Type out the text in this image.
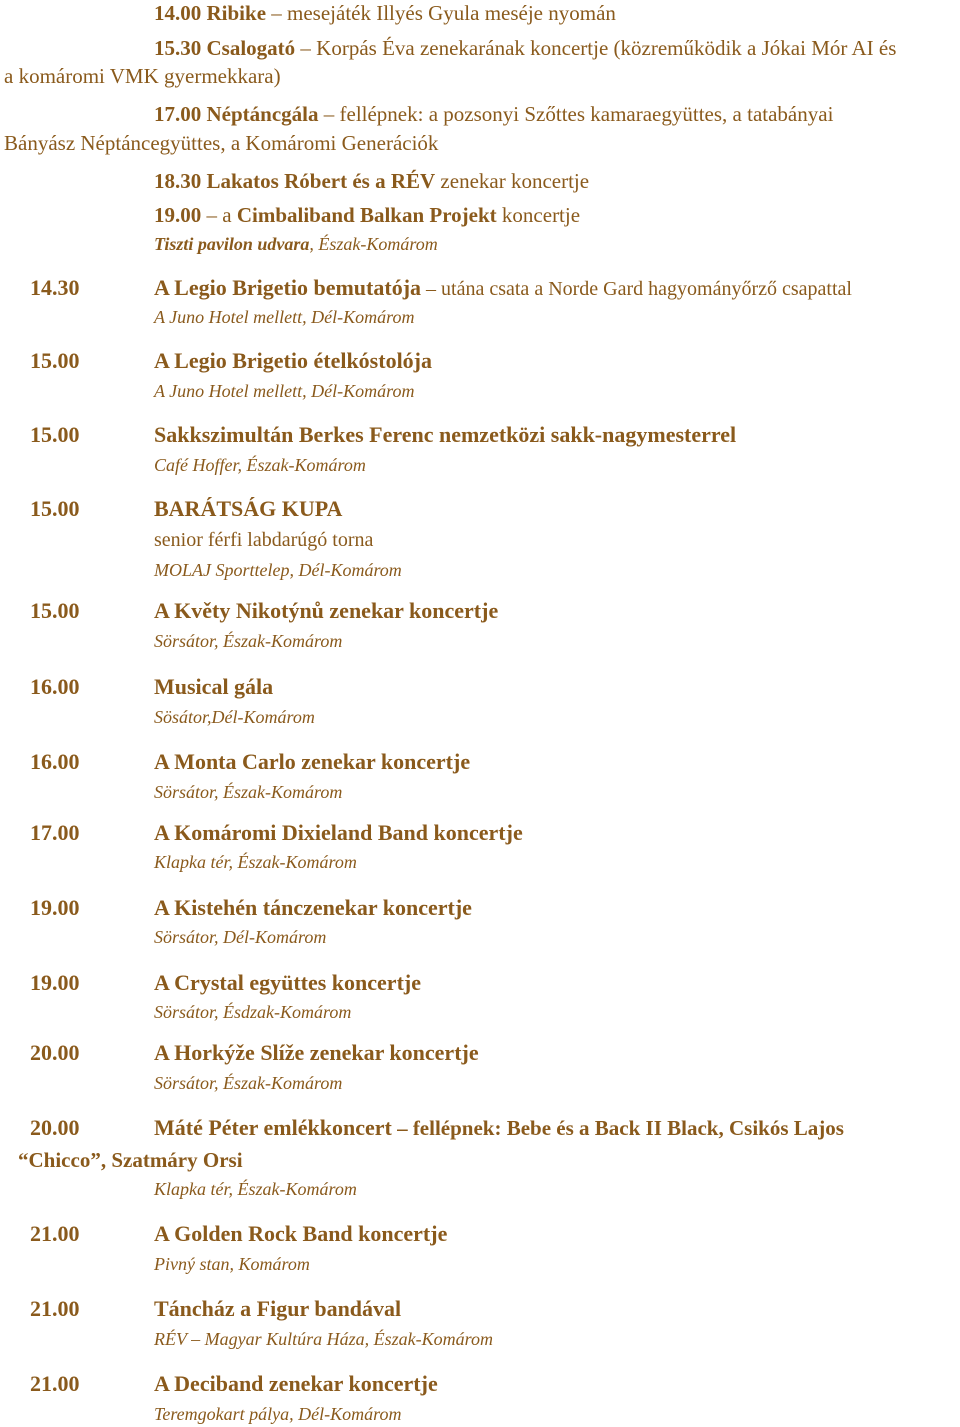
14.00 Ribike – mesejáték Illyés Gyula meséje nyomán
15.30 Csalogató – Korpás Éva zenekarának koncertje (közreműködik a Jókai Mór AI és
a komáromi VMK gyermekkara)
17.00 Néptáncgála – fellépnek: a pozsonyi Szőttes kamaraegyüttes, a tatabányai
Bányász Néptáncegyüttes, a Komáromi Generációk
18.30 Lakatos Róbert és a RÉV zenekar koncertje
19.00 – a Cimbaliband Balkan Projekt koncertje
Tiszti pavilon udvara, Észak-Komárom
14.30	A Legio Brigetio bemutatója – utána csata a Norde Gard hagyományőrző csapattal
A Juno Hotel mellett, Dél-Komárom
15.00	A Legio Brigetio ételkóstolója
A Juno Hotel mellett, Dél-Komárom
15.00	Sakkszimultán Berkes Ferenc nemzetközi sakk-nagymesterrel
Café Hoffer, Észak-Komárom
15.00	BARÁTSÁG KUPA
senior férfi labdarúgó torna
MOLAJ Sporttelep, Dél-Komárom
15.00	A Květy Nikotýnů zenekar koncertje
Sörsátor, Észak-Komárom
16.00	Musical gála
Sösátor,Dél-Komárom
16.00	A Monta Carlo zenekar koncertje
Sörsátor, Észak-Komárom
17.00	A Komáromi Dixieland Band koncertje
Klapka tér, Észak-Komárom
19.00	A Kistehén tánczenekar koncertje
Sörsátor, Dél-Komárom
19.00	A Crystal együttes koncertje
Sörsátor, Ésdzak-Komárom
20.00	A Horkýže Slíže zenekar koncertje
Sörsátor, Észak-Komárom
20.00	Máté Péter emlékkoncert – fellépnek: Bebe és a Back II Black, Csikós Lajos
“Chicco”, Szatmáry Orsi
Klapka tér, Észak-Komárom
21.00	A Golden Rock Band koncertje
Pivný stan, Komárom
21.00	Táncház a Figur bandával
RÉV – Magyar Kultúra Háza, Észak-Komárom
21.00	A Deciband zenekar koncertje
Teremgokart pálya, Dél-Komárom
